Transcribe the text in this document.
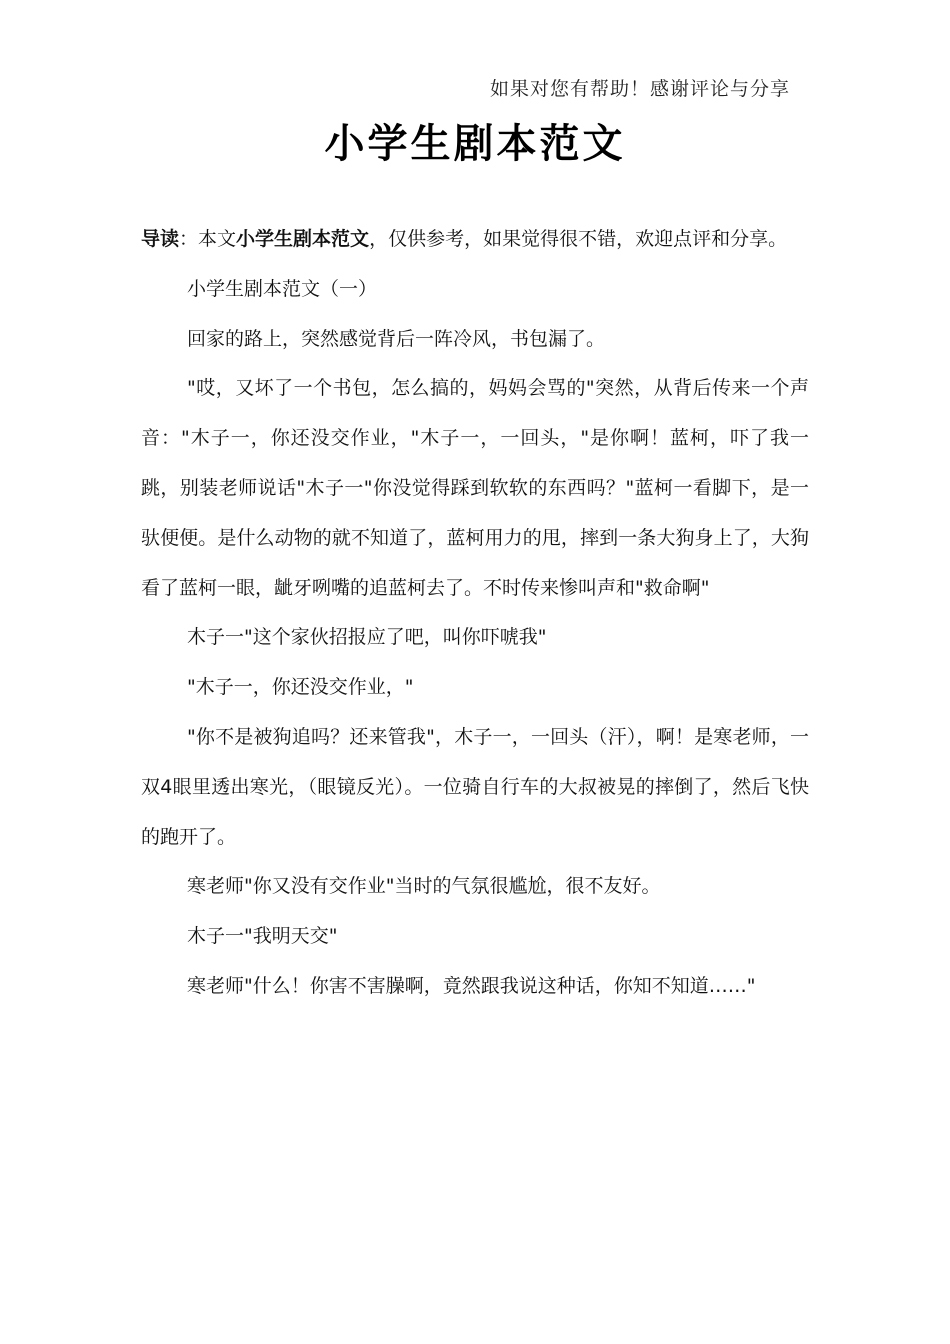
如果对您有帮助！感谢评论与分享
小学生剧本范文

导读：本文小学生剧本范文，仅供参考，如果觉得很不错，欢迎点评和分享。

小学生剧本范文（一）

回家的路上，突然感觉背后一阵冷风，书包漏了。

"哎，又坏了一个书包，怎么搞的，妈妈会骂的"突然，从背后传来一个声音："木子一，你还没交作业，"木子一，一回头，"是你啊！蓝柯，吓了我一跳，别装老师说话"木子一"你没觉得踩到软软的东西吗？"蓝柯一看脚下，是一驮便便。是什么动物的就不知道了，蓝柯用力的甩，摔到一条大狗身上了，大狗看了蓝柯一眼，龇牙咧嘴的追蓝柯去了。不时传来惨叫声和"救命啊"

木子一"这个家伙招报应了吧，叫你吓唬我"

"木子一，你还没交作业，"

"你不是被狗追吗？还来管我"，木子一，一回头（汗），啊！是寒老师，一双4眼里透出寒光，（眼镜反光）。一位骑自行车的大叔被晃的摔倒了，然后飞快的跑开了。

寒老师"你又没有交作业"当时的气氛很尴尬，很不友好。

木子一"我明天交"

寒老师"什么！你害不害臊啊，竟然跟我说这种话，你知不知道……"
